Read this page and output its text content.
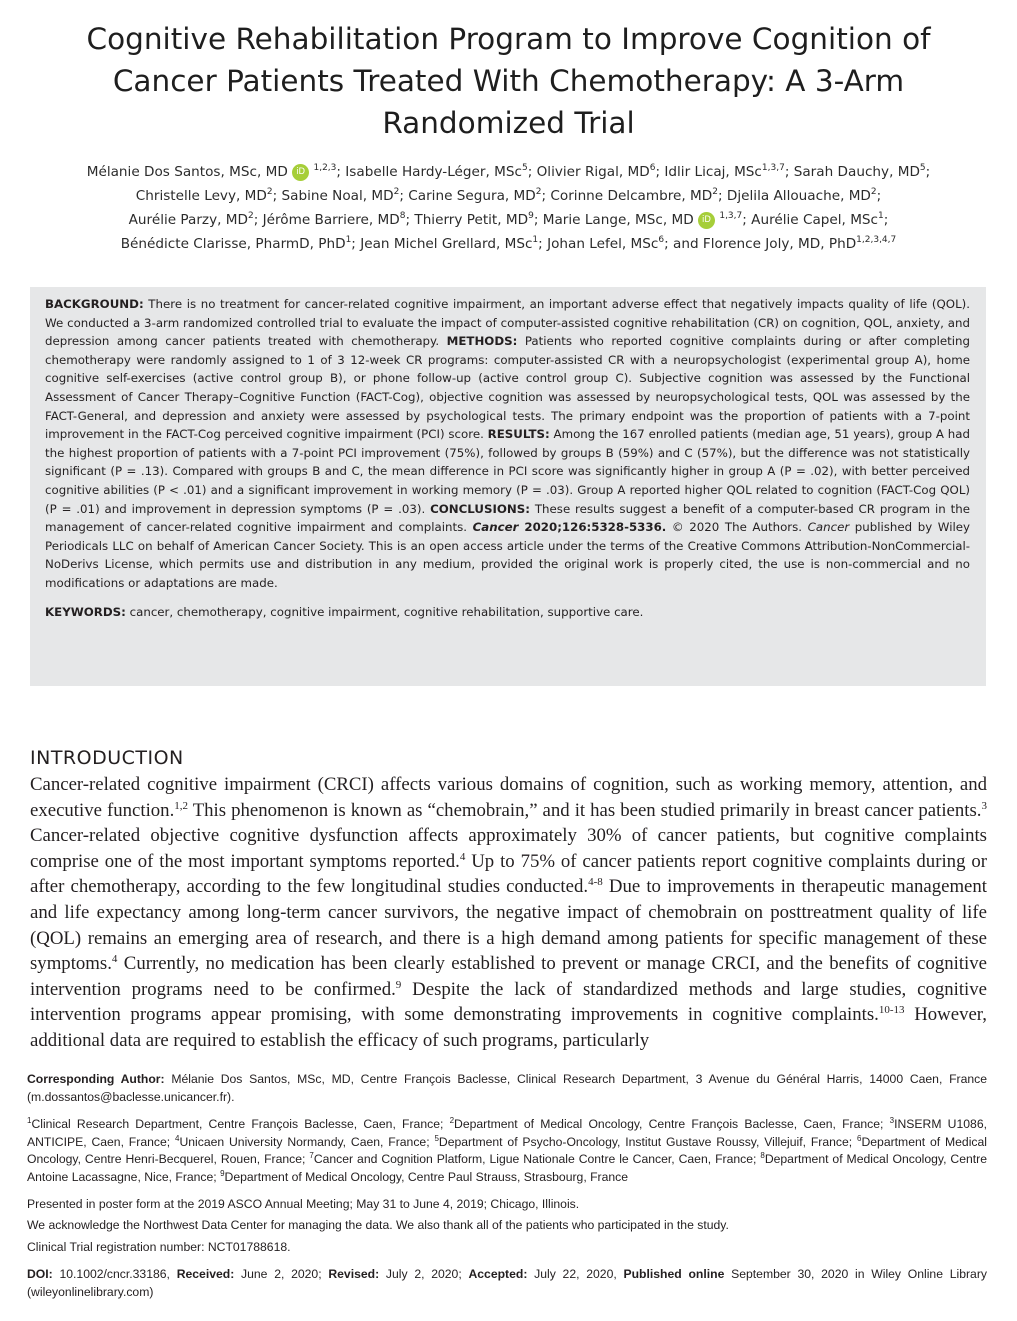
Cognitive Rehabilitation Program to Improve Cognition of Cancer Patients Treated With Chemotherapy: A 3-Arm Randomized Trial
Mélanie Dos Santos, MSc, MD iD $^{1,2,3}$; Isabelle Hardy-Léger, MSc$^5$; Olivier Rigal, $MD^6$; Idlir Licaj, MSc$^{1,3,7}$; Sarah Dauchy, $MD^5$;
Christelle Levy, $MD^2$; Sabine Noal, $MD^2$; Carine Segura, $MD^2$; Corinne Delcambre, $MD^2$; Djelila Allouache, $MD^2$;
Aurélie Parzy, $MD^2$; Jérôme Barriere, $MD^8$; Thierry Petit, $MD^9$; Marie Lange, MSc, MD iD $^{1,3,7}$; Aurélie Capel, MSc$^1$;
Bénédicte Clarisse, PharmD, PhD$^1$; Jean Michel Grellard, MSc$^1$; Johan Lefel, MSc$^6$; and Florence Joly, MD, PhD$^{1,2,3,4,7}$

BACKGROUND: There is no treatment for cancer-related cognitive impairment, an important adverse effect that negatively impacts quality of life (QOL). We conducted a 3-arm randomized controlled trial to evaluate the impact of computer-assisted cognitive rehabilitation (CR) on cognition, QOL, anxiety, and depression among cancer patients treated with chemotherapy. METHODS: Patients who reported cognitive complaints during or after completing chemotherapy were randomly assigned to 1 of 3 12-week CR programs: computer-assisted CR with a neuropsychologist (experimental group A), home cognitive self-exercises (active control group B), or phone follow-up (active control group C). Subjective cognition was assessed by the Functional Assessment of Cancer Therapy–Cognitive Function (FACT-Cog), objective cognition was assessed by neuropsychological tests, QOL was assessed by the FACT-General, and depression and anxiety were assessed by psychological tests. The primary endpoint was the proportion of patients with a 7-point improvement in the FACT-Cog perceived cognitive impairment (PCI) score. RESULTS: Among the 167 enrolled patients (median age, 51 years), group A had the highest proportion of patients with a 7-point PCI improvement (75%), followed by groups B (59%) and C (57%), but the difference was not statistically significant (P = .13). Compared with groups B and C, the mean difference in PCI score was significantly higher in group A (P = .02), with better perceived cognitive abilities (P < .01) and a significant improvement in working memory (P = .03). Group A reported higher QOL related to cognition (FACT-Cog QOL) (P = .01) and improvement in depression symptoms (P = .03). CONCLUSIONS: These results suggest a benefit of a computer-based CR program in the management of cancer-related cognitive impairment and complaints. Cancer 2020;126:5328-5336. © 2020 The Authors. Cancer published by Wiley Periodicals LLC on behalf of American Cancer Society. This is an open access article under the terms of the Creative Commons Attribution-NonCommercial-NoDerivs License, which permits use and distribution in any medium, provided the original work is properly cited, the use is non-commercial and no modifications or adaptations are made.

KEYWORDS: cancer, chemotherapy, cognitive impairment, cognitive rehabilitation, supportive care.

INTRODUCTION

Cancer-related cognitive impairment (CRCI) affects various domains of cognition, such as working memory, attention, and executive function.$^{1,2}$ This phenomenon is known as “chemobrain,” and it has been studied primarily in breast cancer patients.$^3$ Cancer-related objective cognitive dysfunction affects approximately 30% of cancer patients, but cognitive complaints comprise one of the most important symptoms reported.$^4$ Up to 75% of cancer patients report cognitive complaints during or after chemotherapy, according to the few longitudinal studies conducted.$^{4-8}$ Due to improvements in therapeutic management and life expectancy among long-term cancer survivors, the negative impact of chemobrain on posttreatment quality of life (QOL) remains an emerging area of research, and there is a high demand among patients for specific management of these symptoms.$^4$ Currently, no medication has been clearly established to prevent or manage CRCI, and the benefits of cognitive intervention programs need to be confirmed.$^9$ Despite the lack of standardized methods and large studies, cognitive intervention programs appear promising, with some demonstrating improvements in cognitive complaints.$^{10-13}$ However, additional data are required to establish the efficacy of such programs, particularly

Corresponding Author: Mélanie Dos Santos, MSc, MD, Centre François Baclesse, Clinical Research Department, 3 Avenue du Général Harris, 14000 Caen, France (m.dossantos@baclesse.unicancer.fr).

$^1$Clinical Research Department, Centre François Baclesse, Caen, France; $^2$Department of Medical Oncology, Centre François Baclesse, Caen, France; $^3$INSERM U1086, ANTICIPE, Caen, France; $^4$Unicaen University Normandy, Caen, France; $^5$Department of Psycho-Oncology, Institut Gustave Roussy, Villejuif, France; $^6$Department of Medical Oncology, Centre Henri-Becquerel, Rouen, France; $^7$Cancer and Cognition Platform, Ligue Nationale Contre le Cancer, Caen, France; $^8$Department of Medical Oncology, Centre Antoine Lacassagne, Nice, France; $^9$Department of Medical Oncology, Centre Paul Strauss, Strasbourg, France

Presented in poster form at the 2019 ASCO Annual Meeting; May 31 to June 4, 2019; Chicago, Illinois.

We acknowledge the Northwest Data Center for managing the data. We also thank all of the patients who participated in the study.

Clinical Trial registration number: NCT01788618.

DOI: 10.1002/cncr.33186, Received: June 2, 2020; Revised: July 2, 2020; Accepted: July 22, 2020, Published online September 30, 2020 in Wiley Online Library (wileyonlinelibrary.com)
